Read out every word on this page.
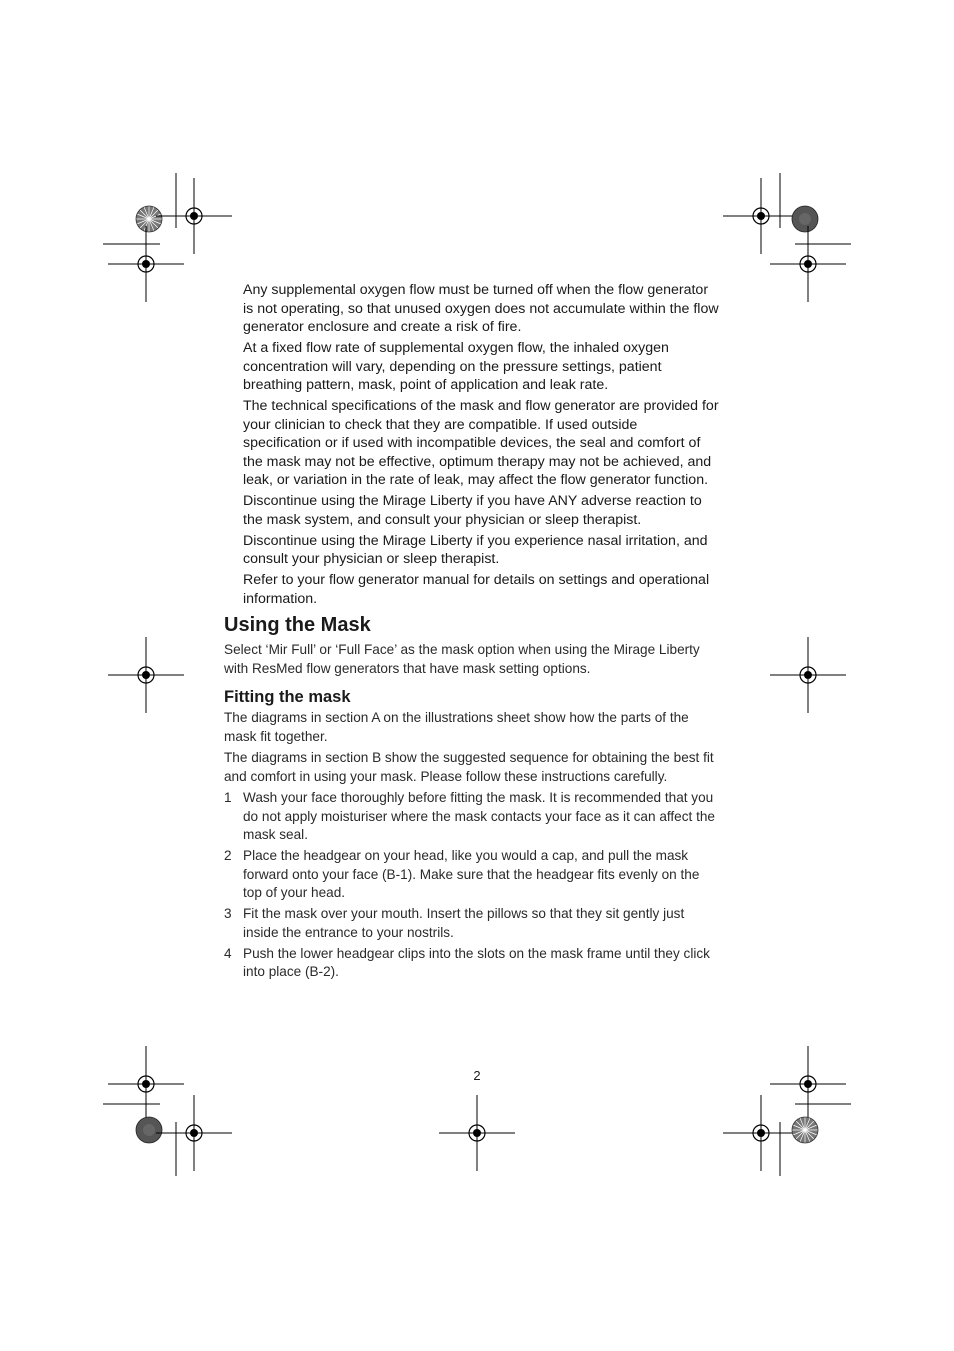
Any supplemental oxygen flow must be turned off when the flow generator is not operating, so that unused oxygen does not accumulate within the flow generator enclosure and create a risk of fire.

At a fixed flow rate of supplemental oxygen flow, the inhaled oxygen concentration will vary, depending on the pressure settings, patient breathing pattern, mask, point of application and leak rate.

The technical specifications of the mask and flow generator are provided for your clinician to check that they are compatible. If used outside specification or if used with incompatible devices, the seal and comfort of the mask may not be effective, optimum therapy may not be achieved, and leak, or variation in the rate of leak, may affect the flow generator function.

Discontinue using the Mirage Liberty if you have ANY adverse reaction to the mask system, and consult your physician or sleep therapist.

Discontinue using the Mirage Liberty if you experience nasal irritation, and consult your physician or sleep therapist.

Refer to your flow generator manual for details on settings and operational information.

Using the Mask

Select ‘Mir Full’ or ‘Full Face’ as the mask option when using the Mirage Liberty with ResMed flow generators that have mask setting options.

Fitting the mask

The diagrams in section A on the illustrations sheet show how the parts of the mask fit together.

The diagrams in section B show the suggested sequence for obtaining the best fit and comfort in using your mask. Please follow these instructions carefully.

1 Wash your face thoroughly before fitting the mask. It is recommended that you do not apply moisturiser where the mask contacts your face as it can affect the mask seal.
2 Place the headgear on your head, like you would a cap, and pull the mask forward onto your face (B-1). Make sure that the headgear fits evenly on the top of your head.
3 Fit the mask over your mouth. Insert the pillows so that they sit gently just inside the entrance to your nostrils.
4 Push the lower headgear clips into the slots on the mask frame until they click into place (B-2).
2
